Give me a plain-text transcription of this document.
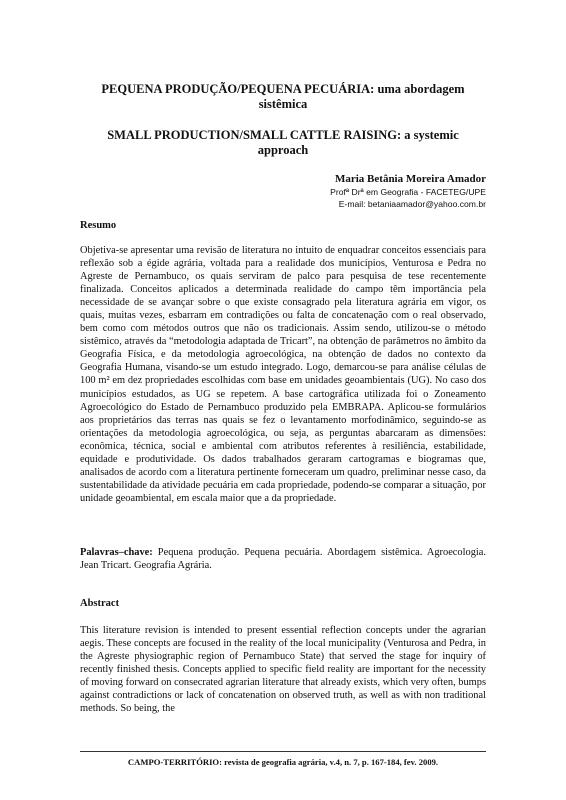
PEQUENA PRODUÇÃO/PEQUENA PECUÁRIA: uma abordagem
sistêmica
SMALL PRODUCTION/SMALL CATTLE RAISING: a systemic
approach
Maria Betânia Moreira Amador
Profª Drª em Geografia - FACETEG/UPE
E-mail: betaniaamador@yahoo.com.br
Resumo

Objetiva-se apresentar uma revisão de literatura no intuito de enquadrar conceitos essenciais para reflexão sob a égide agrária, voltada para a realidade dos municípios, Venturosa e Pedra no Agreste de Pernambuco, os quais serviram de palco para pesquisa de tese recentemente finalizada. Conceitos aplicados a determinada realidade do campo têm importância pela necessidade de se avançar sobre o que existe consagrado pela literatura agrária em vigor, os quais, muitas vezes, esbarram em contradições ou falta de concatenação com o real observado, bem como com métodos outros que não os tradicionais. Assim sendo, utilizou-se o método sistêmico, através da “metodologia adaptada de Tricart”, na obtenção de parâmetros no âmbito da Geografia Física, e da metodologia agroecológica, na obtenção de dados no contexto da Geografia Humana, visando-se um estudo integrado. Logo, demarcou-se para análise células de 100 m² em dez propriedades escolhidas com base em unidades geoambientais (UG). No caso dos municípios estudados, as UG se repetem. A base cartográfica utilizada foi o Zoneamento Agroecológico do Estado de Pernambuco produzido pela EMBRAPA. Aplicou-se formulários aos proprietários das terras nas quais se fez o levantamento morfodinâmico, seguindo-se as orientações da metodologia agroecológica, ou seja, as perguntas abarcaram as dimensões: econômica, técnica, social e ambiental com atributos referentes à resiliência, estabilidade, equidade e produtividade. Os dados trabalhados geraram cartogramas e biogramas que, analisados de acordo com a literatura pertinente forneceram um quadro, preliminar nesse caso, da sustentabilidade da atividade pecuária em cada propriedade, podendo-se comparar a situação, por unidade geoambiental, em escala maior que a da propriedade.

Palavras–chave: Pequena produção. Pequena pecuária. Abordagem sistêmica. Agroecologia. Jean Tricart. Geografia Agrária.

Abstract

This literature revision is intended to present essential reflection concepts under the agrarian aegis. These concepts are focused in the reality of the local municipality (Venturosa and Pedra, in the Agreste physiographic region of Pernambuco State) that served the stage for inquiry of recently finished thesis. Concepts applied to specific field reality are important for the necessity of moving forward on consecrated agrarian literature that already exists, which very often, bumps against contradictions or lack of concatenation on observed truth, as well as with non traditional methods. So being, the

CAMPO-TERRITÓRIO: revista de geografia agrária, v.4, n. 7, p. 167-184, fev. 2009.
